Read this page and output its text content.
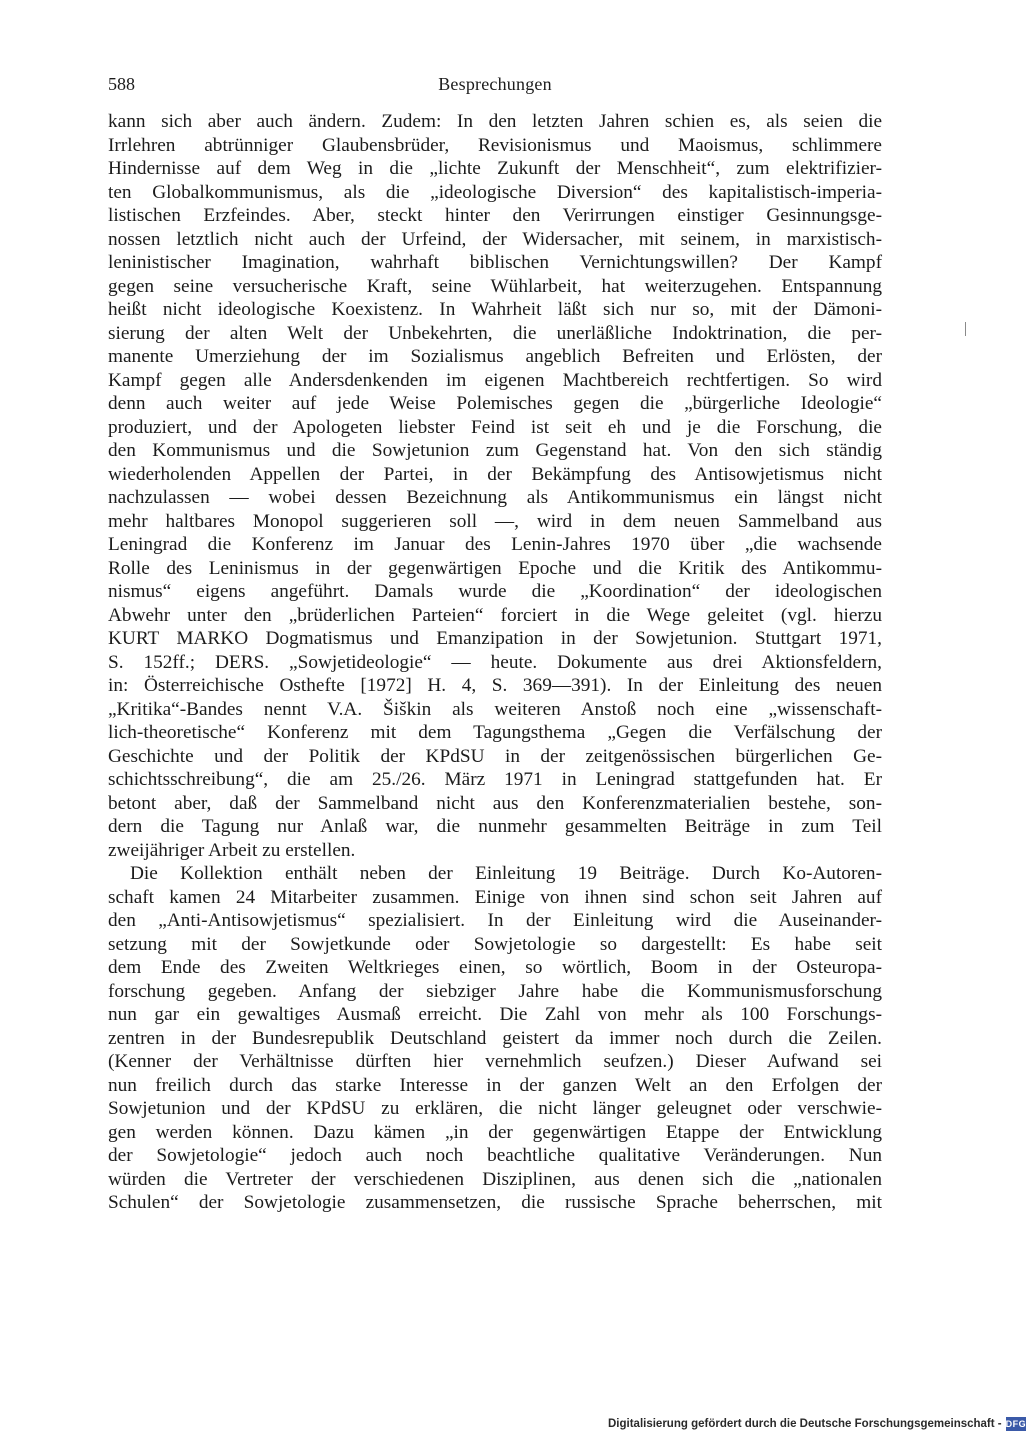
588	Besprechungen
kann sich aber auch ändern. Zudem: In den letzten Jahren schien es, als seien die
Irrlehren abtrünniger Glaubensbrüder, Revisionismus und Maoismus, schlimmere
Hindernisse auf dem Weg in die „lichte Zukunft der Menschheit“, zum elektrifizier-
ten Globalkommunismus, als die „ideologische Diversion“ des kapitalistisch-imperia-
listischen Erzfeindes. Aber, steckt hinter den Verirrungen einstiger Gesinnungsge-
nossen letztlich nicht auch der Urfeind, der Widersacher, mit seinem, in marxistisch-
leninistischer Imagination, wahrhaft biblischen Vernichtungswillen? Der Kampf
gegen seine versucherische Kraft, seine Wühlarbeit, hat weiterzugehen. Entspannung
heißt nicht ideologische Koexistenz. In Wahrheit läßt sich nur so, mit der Dämoni-
sierung der alten Welt der Unbekehrten, die unerläßliche Indoktrination, die per-
manente Umerziehung der im Sozialismus angeblich Befreiten und Erlösten, der
Kampf gegen alle Andersdenkenden im eigenen Machtbereich rechtfertigen. So wird
denn auch weiter auf jede Weise Polemisches gegen die „bürgerliche Ideologie“
produziert, und der Apologeten liebster Feind ist seit eh und je die Forschung, die
den Kommunismus und die Sowjetunion zum Gegenstand hat. Von den sich ständig
wiederholenden Appellen der Partei, in der Bekämpfung des Antisowjetismus nicht
nachzulassen — wobei dessen Bezeichnung als Antikommunismus ein längst nicht
mehr haltbares Monopol suggerieren soll —, wird in dem neuen Sammelband aus
Leningrad die Konferenz im Januar des Lenin-Jahres 1970 über „die wachsende
Rolle des Leninismus in der gegenwärtigen Epoche und die Kritik des Antikommu-
nismus“ eigens angeführt. Damals wurde die „Koordination“ der ideologischen
Abwehr unter den „brüderlichen Parteien“ forciert in die Wege geleitet (vgl. hierzu
KURT MARKO Dogmatismus und Emanzipation in der Sowjetunion. Stuttgart 1971,
S. 152ff.; DERS. „Sowjetideologie“ — heute. Dokumente aus drei Aktionsfeldern,
in: Österreichische Osthefte [1972] H. 4, S. 369—391). In der Einleitung des neuen
„Kritika“-Bandes nennt V.A. Šiškin als weiteren Anstoß noch eine „wissenschaft-
lich-theoretische“ Konferenz mit dem Tagungsthema „Gegen die Verfälschung der
Geschichte und der Politik der KPdSU in der zeitgenössischen bürgerlichen Ge-
schichtsschreibung“, die am 25./26. März 1971 in Leningrad stattgefunden hat. Er
betont aber, daß der Sammelband nicht aus den Konferenzmaterialien bestehe, son-
dern die Tagung nur Anlaß war, die nunmehr gesammelten Beiträge in zum Teil
zweijähriger Arbeit zu erstellen.
Die Kollektion enthält neben der Einleitung 19 Beiträge. Durch Ko-Autoren-
schaft kamen 24 Mitarbeiter zusammen. Einige von ihnen sind schon seit Jahren auf
den „Anti-Antisowjetismus“ spezialisiert. In der Einleitung wird die Auseinander-
setzung mit der Sowjetkunde oder Sowjetologie so dargestellt: Es habe seit
dem Ende des Zweiten Weltkrieges einen, so wörtlich, Boom in der Osteuropa-
forschung gegeben. Anfang der siebziger Jahre habe die Kommunismusforschung
nun gar ein gewaltiges Ausmaß erreicht. Die Zahl von mehr als 100 Forschungs-
zentren in der Bundesrepublik Deutschland geistert da immer noch durch die Zeilen.
(Kenner der Verhältnisse dürften hier vernehmlich seufzen.) Dieser Aufwand sei
nun freilich durch das starke Interesse in der ganzen Welt an den Erfolgen der
Sowjetunion und der KPdSU zu erklären, die nicht länger geleugnet oder verschwie-
gen werden können. Dazu kämen „in der gegenwärtigen Etappe der Entwicklung
der Sowjetologie“ jedoch auch noch beachtliche qualitative Veränderungen. Nun
würden die Vertreter der verschiedenen Disziplinen, aus denen sich die „nationalen
Schulen“ der Sowjetologie zusammensetzen, die russische Sprache beherrschen, mit
Digitalisierung gefördert durch die Deutsche Forschungsgemeinschaft - DFG
